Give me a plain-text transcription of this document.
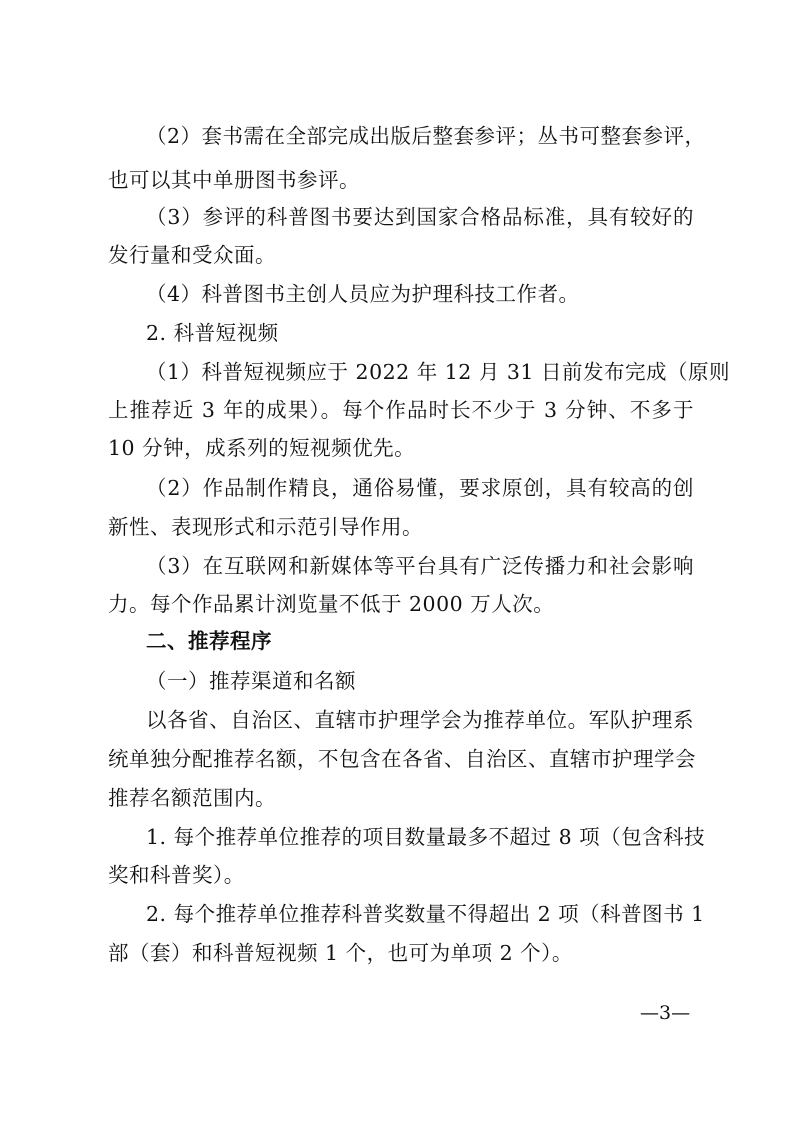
（2）套书需在全部完成出版后整套参评；丛书可整套参评，
也可以其中单册图书参评。
（3）参评的科普图书要达到国家合格品标准，具有较好的
发行量和受众面。
（4）科普图书主创人员应为护理科技工作者。
2. 科普短视频
（1）科普短视频应于 2022 年 12 月 31 日前发布完成（原则
上推荐近 3 年的成果）。每个作品时长不少于 3 分钟、不多于
10 分钟，成系列的短视频优先。
（2）作品制作精良，通俗易懂，要求原创，具有较高的创
新性、表现形式和示范引导作用。
（3）在互联网和新媒体等平台具有广泛传播力和社会影响
力。每个作品累计浏览量不低于 2000 万人次。
二、推荐程序
（一）推荐渠道和名额
以各省、自治区、直辖市护理学会为推荐单位。军队护理系
统单独分配推荐名额，不包含在各省、自治区、直辖市护理学会
推荐名额范围内。
1. 每个推荐单位推荐的项目数量最多不超过 8 项（包含科技
奖和科普奖）。
2. 每个推荐单位推荐科普奖数量不得超出 2 项（科普图书 1
部（套）和科普短视频 1 个，也可为单项 2 个）。
—3—
